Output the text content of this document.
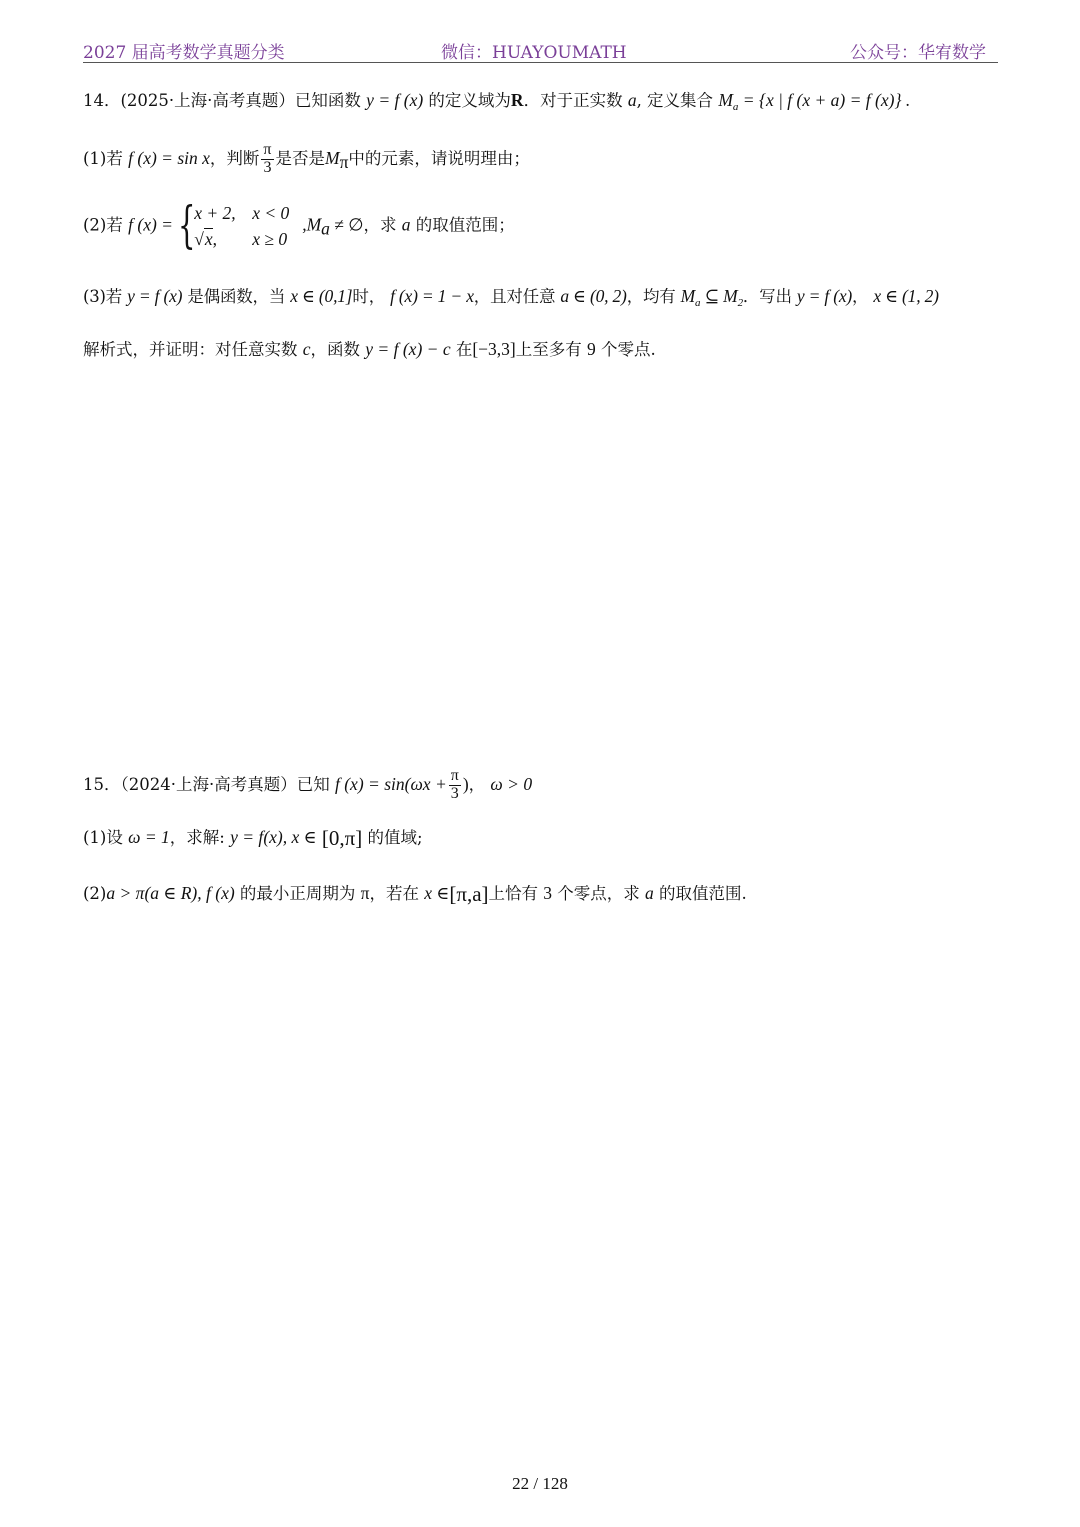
2027 届高考数学真题分类	微信：HUAYOUMATH	公众号：华宥数学
14．(2025·上海·高考真题）已知函数 y = f (x) 的定义域为R．对于正实数 a, 定义集合 $M_a = \{x$ | f (x + a) = f (x)} .
(1)若 f (x) = sin x，判断 $\frac{\pi}{3}$ 是否是$M_\pi$中的元素，请说明理由；
(2)若 f (x) = {
x + 2, x < 0
√x,	x ≥ 0
$,M_a$ ≠ ∅，求 a 的取值范围；
(3)若 y = f (x) 是偶函数，当 x ∈ (0,1]时， f (x) = 1 − x，且对任意 a ∈ (0, 2)，均有 $M_a$ ⊆ $M_2$．写出 y = f (x)， x ∈ (1, 2)
解析式，并证明：对任意实数 c，函数 y = f (x) − c 在[−3,3]上至多有 9 个零点.
15．（2024·上海·高考真题）已知 f $(x) = \sin(\omega x + \frac{\pi}{3}$ )， ω > 0
(1)设 ω = 1，求解: y = f(x), x ∈ [0,π] 的值域;
(2)a > π(a ∈ R), f (x) 的最小正周期为 π，若在 x ∈[π,a]上恰有 3 个零点，求 a 的取值范围.
22 / 128
